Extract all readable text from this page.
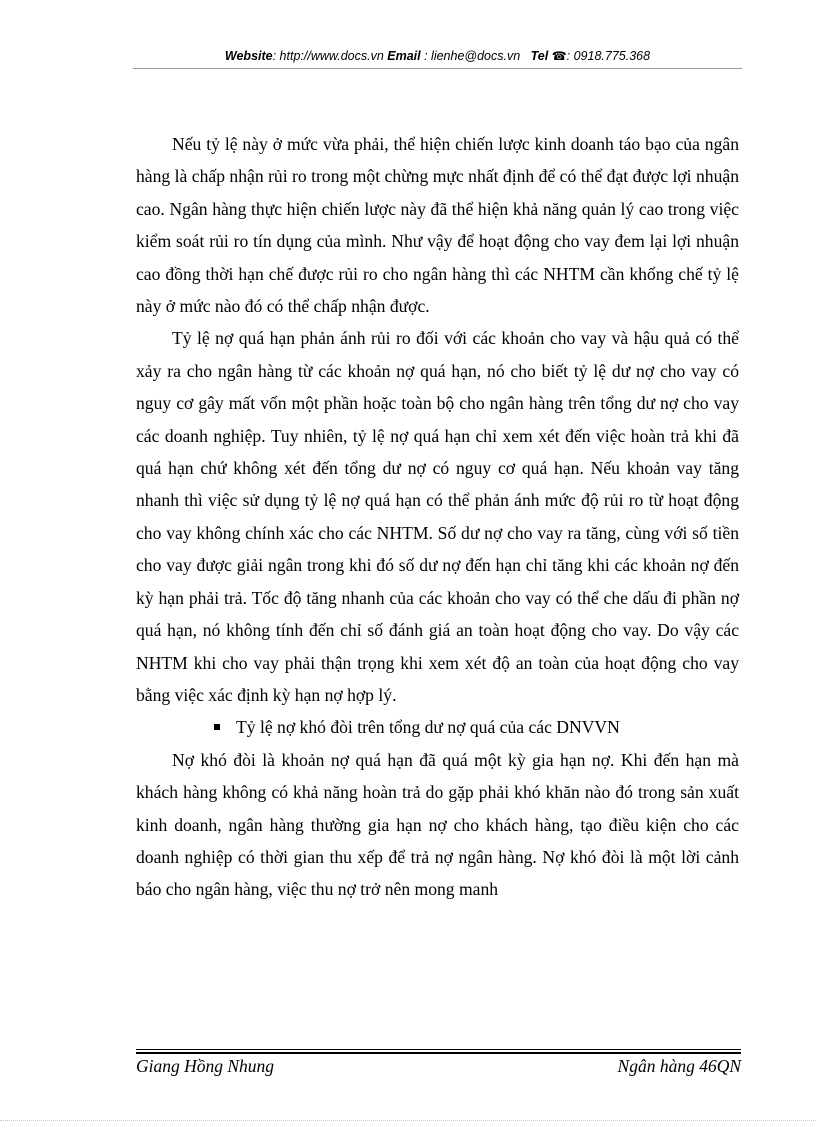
Website: http://www.docs.vn Email : lienhe@docs.vn Tel ☎: 0918.775.368

Nếu tỷ lệ này ở mức vừa phải, thể hiện chiến lược kinh doanh táo bạo của ngân hàng là chấp nhận rủi ro trong một chừng mực nhất định để có thể đạt được lợi nhuận cao. Ngân hàng thực hiện chiến lược này đã thể hiện khả năng quản lý cao trong việc kiểm soát rủi ro tín dụng của mình. Như vậy để hoạt động cho vay đem lại lợi nhuận cao đồng thời hạn chế được rủi ro cho ngân hàng thì các NHTM cần khống chế tỷ lệ này ở mức nào đó có thể chấp nhận được.

Tỷ lệ nợ quá hạn phản ánh rủi ro đối với các khoản cho vay và hậu quả có thể xảy ra cho ngân hàng từ các khoản nợ quá hạn, nó cho biết tỷ lệ dư nợ cho vay có nguy cơ gây mất vốn một phần hoặc toàn bộ cho ngân hàng trên tổng dư nợ cho vay các doanh nghiệp. Tuy nhiên, tỷ lệ nợ quá hạn chỉ xem xét đến việc hoàn trả khi đã quá hạn chứ không xét đến tổng dư nợ có nguy cơ quá hạn. Nếu khoản vay tăng nhanh thì việc sử dụng tỷ lệ nợ quá hạn có thể phản ánh mức độ rủi ro từ hoạt động cho vay không chính xác cho các NHTM. Số dư nợ cho vay ra tăng, cùng với số tiền cho vay được giải ngân trong khi đó số dư nợ đến hạn chỉ tăng khi các khoản nợ đến kỳ hạn phải trả. Tốc độ tăng nhanh của các khoản cho vay có thể che dấu đi phần nợ quá hạn, nó không tính đến chỉ số đánh giá an toàn hoạt động cho vay. Do vậy các NHTM khi cho vay phải thận trọng khi xem xét độ an toàn của hoạt động cho vay bằng việc xác định kỳ hạn nợ hợp lý.

Tỷ lệ nợ khó đòi trên tổng dư nợ quá của các DNVVN

Nợ khó đòi là khoản nợ quá hạn đã quá một kỳ gia hạn nợ. Khi đến hạn mà khách hàng không có khả năng hoàn trả do gặp phải khó khăn nào đó trong sản xuất kinh doanh, ngân hàng thường gia hạn nợ cho khách hàng, tạo điều kiện cho các doanh nghiệp có thời gian thu xếp để trả nợ ngân hàng. Nợ khó đòi là một lời cảnh báo cho ngân hàng, việc thu nợ trở nên mong manh

Giang Hồng Nhung	Ngân hàng 46QN
